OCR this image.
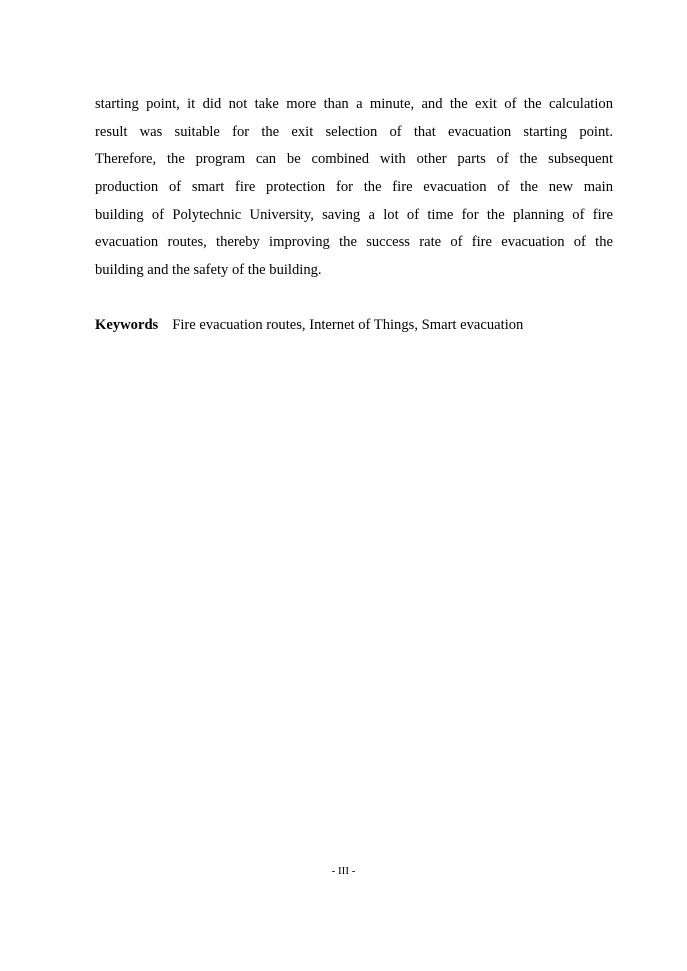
starting point, it did not take more than a minute, and the exit of the calculation
result was suitable for the exit selection of that evacuation starting point.
Therefore, the program can be combined with other parts of the subsequent
production of smart fire protection for the fire evacuation of the new main
building of Polytechnic University, saving a lot of time for the planning of fire
evacuation routes, thereby improving the success rate of fire evacuation of the
building and the safety of the building.
Keywords Fire evacuation routes, Internet of Things, Smart evacuation
- III -
